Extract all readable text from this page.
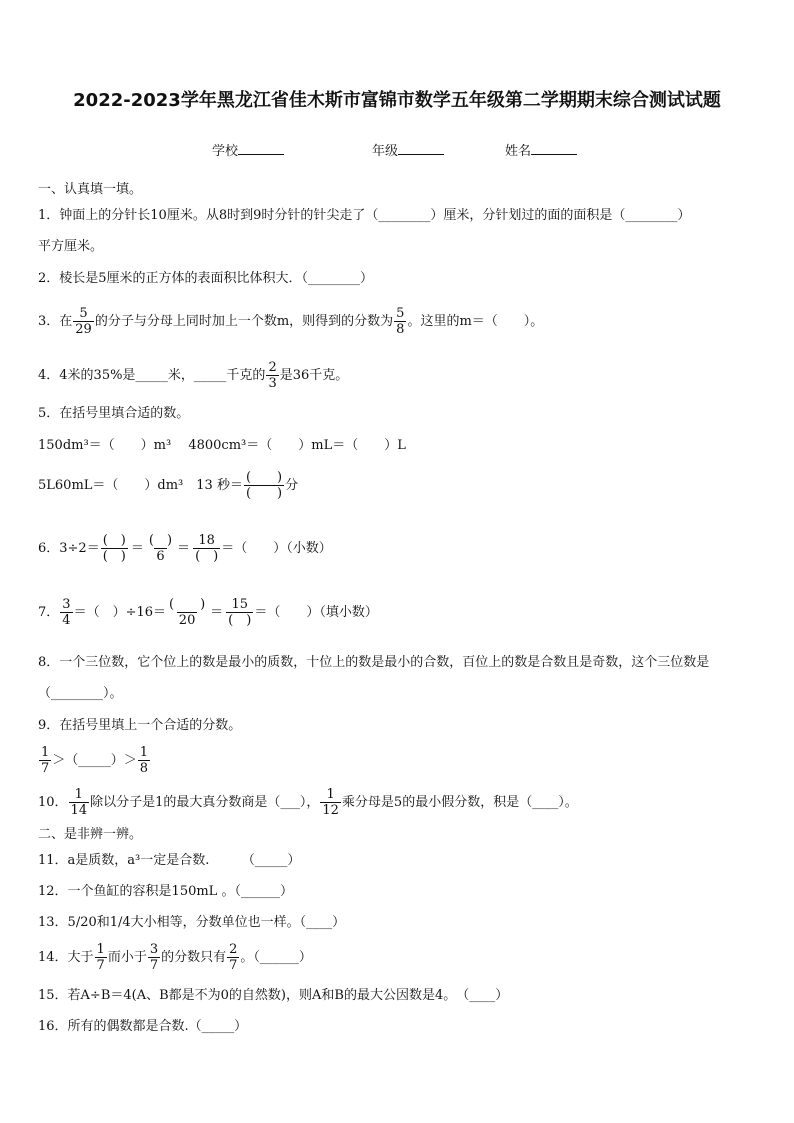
2022-2023学年黑龙江省佳木斯市富锦市数学五年级第二学期期末综合测试试题
学校	年级	姓名
一、认真填一填。
1．钟面上的分针长10厘米。从8时到9时分针的针尖走了（________）厘米，分针划过的面的面积是（________）
平方厘米。
2．棱长是5厘米的正方体的表面积比体积大．（________）
3．在 $\frac{5}{29}$ 的分子与分母上同时加上一个数m，则得到的分数为 $\frac{5}{8}$ 。这里的m＝（　　）。
4．4米的35%是_____米，_____千克的 $\frac{2}{3}$ 是36千克。
5．在括号里填合适的数。
150dm³＝（　　）m³　 4800cm³＝（　　）mL＝（　　）L
5L60mL＝（　　）dm³　13 秒＝ $\frac{( )}{( )}$ 分
6．$3\div 2= \frac{( )}{( )} = \frac{( )}{6} = \frac{18}{( )}$ ＝（　　）（小数）
7． $\frac{3}{4}$ ＝（　）$\div 16= \frac{( )}{20} = \frac{15}{( )}$ ＝（　　）（填小数）
8．一个三位数，它个位上的数是最小的质数，十位上的数是最小的合数，百位上的数是合数且是奇数，这个三位数是
（________）。
9．在括号里填上一个合适的分数。
$\frac{1}{7}$ ＞（_____）＞ $\frac{1}{8}$
10． $\frac{1}{14}$ 除以分子是1的最大真分数商是（___）， $\frac{1}{12}$ 乘分母是5的最小假分数，积是（____）。
二、是非辨一辨。
11．a是质数，a³一定是合数.　　　（_____）
12．一个鱼缸的容积是150mL 。（______）
13．5/20和1/4大小相等，分数单位也一样。（____）
14．大于 $\frac{1}{7}$ 而小于 $\frac{3}{7}$ 的分数只有 $\frac{2}{7}$ 。（______）
15．若A÷B＝4(A、B都是不为0的自然数)，则A和B的最大公因数是4。　（____）
16．所有的偶数都是合数.（_____）
